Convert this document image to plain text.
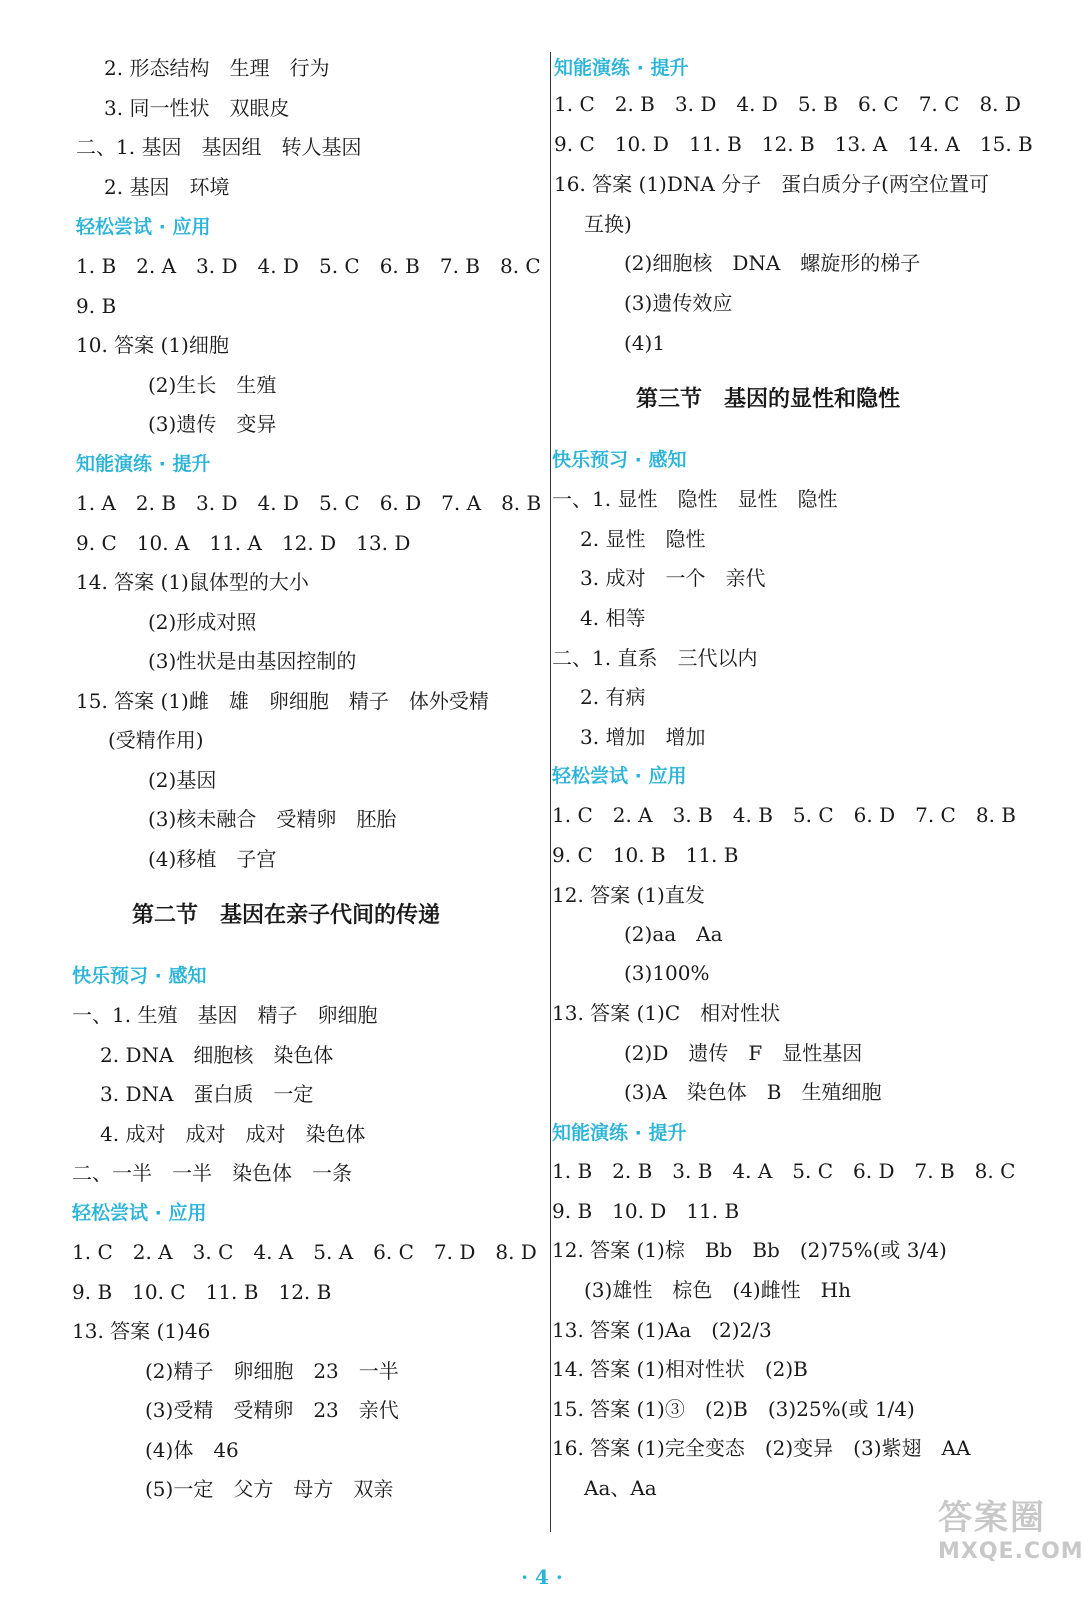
2. 形态结构　生理　行为
3. 同一性状　双眼皮
二、1. 基因　基因组　转人基因
2. 基因　环境
轻松尝试 · 应用
1. B　2. A　3. D　4. D　5. C　6. B　7. B　8. C
9. B
10. 答案 (1)细胞
(2)生长　生殖
(3)遗传　变异
知能演练 · 提升
1. A　2. B　3. D　4. D　5. C　6. D　7. A　8. B
9. C　10. A　11. A　12. D　13. D
14. 答案 (1)鼠体型的大小
(2)形成对照
(3)性状是由基因控制的
15. 答案 (1)雌　雄　卵细胞　精子　体外受精
(受精作用)
(2)基因
(3)核未融合　受精卵　胚胎
(4)移植　子宫
第二节　基因在亲子代间的传递
快乐预习 · 感知
一、1. 生殖　基因　精子　卵细胞
2. DNA　细胞核　染色体
3. DNA　蛋白质　一定
4. 成对　成对　成对　染色体
二、一半　一半　染色体　一条
轻松尝试 · 应用
1. C　2. A　3. C　4. A　5. A　6. C　7. D　8. D
9. B　10. C　11. B　12. B
13. 答案 (1)46
(2)精子　卵细胞　23　一半
(3)受精　受精卵　23　亲代
(4)体　46
(5)一定　父方　母方　双亲
知能演练 · 提升
1. C　2. B　3. D　4. D　5. B　6. C　7. C　8. D
9. C　10. D　11. B　12. B　13. A　14. A　15. B
16. 答案 (1)DNA 分子　蛋白质分子(两空位置可
互换)
(2)细胞核　DNA　螺旋形的梯子
(3)遗传效应
(4)1
第三节　基因的显性和隐性
快乐预习 · 感知
一、1. 显性　隐性　显性　隐性
2. 显性　隐性
3. 成对　一个　亲代
4. 相等
二、1. 直系　三代以内
2. 有病
3. 增加　增加
轻松尝试 · 应用
1. C　2. A　3. B　4. B　5. C　6. D　7. C　8. B
9. C　10. B　11. B
12. 答案 (1)直发
(2)aa　Aa
(3)100%
13. 答案 (1)C　相对性状
(2)D　遗传　F　显性基因
(3)A　染色体　B　生殖细胞
知能演练 · 提升
1. B　2. B　3. B　4. A　5. C　6. D　7. B　8. C
9. B　10. D　11. B
12. 答案 (1)棕　Bb　Bb　(2)75%(或 3/4)
(3)雄性　棕色　(4)雌性　Hh
13. 答案 (1)Aa　(2)2/3
14. 答案 (1)相对性状　(2)B
15. 答案 (1)③　(2)B　(3)25%(或 1/4)
16. 答案 (1)完全变态　(2)变异　(3)紫翅　AA
Aa、Aa
· 4 ·
答案圈
MXQE.COM
